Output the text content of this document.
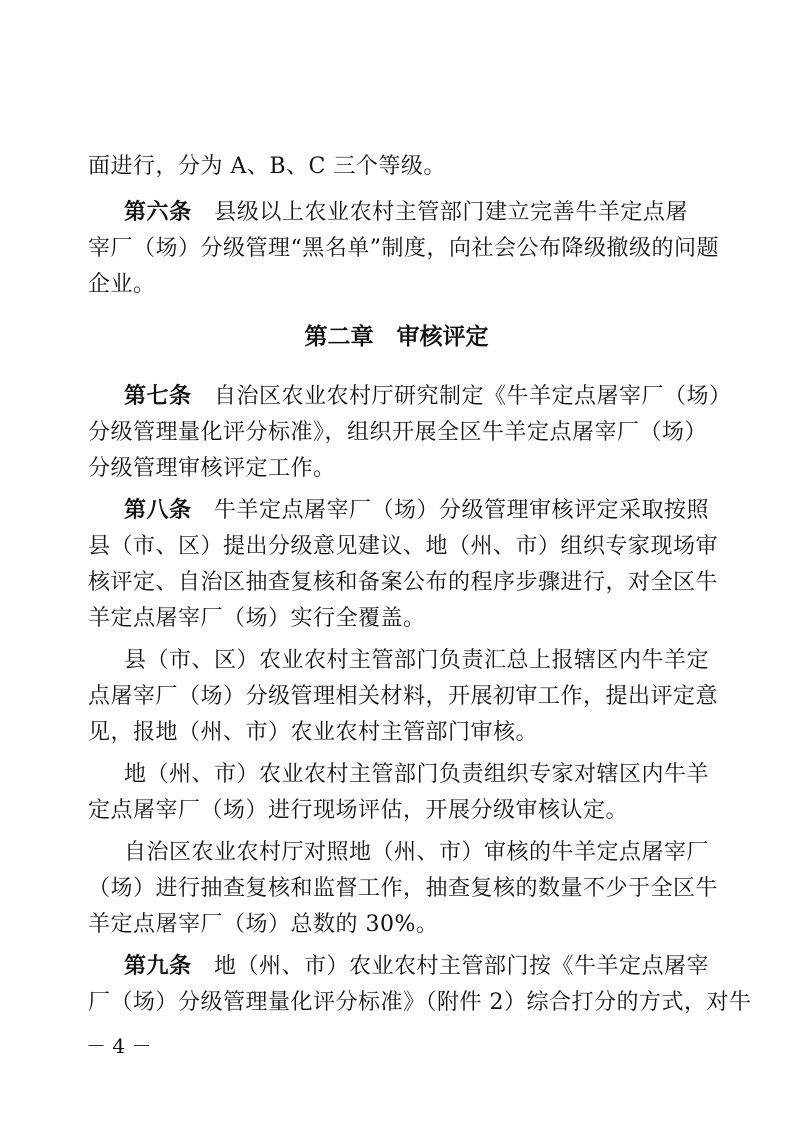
面进行，分为 A、B、C 三个等级。
第六条　 县级以上农业农村主管部门建立完善牛羊定点屠
宰厂（场）分级管理“黑名单”制度，向社会公布降级撤级的问题
企业。
第二章　审核评定
第七条　 自治区农业农村厅研究制定《牛羊定点屠宰厂（场）
分级管理量化评分标准》，组织开展全区牛羊定点屠宰厂（场）
分级管理审核评定工作。
第八条　 牛羊定点屠宰厂（场）分级管理审核评定采取按照
县（市、区）提出分级意见建议、地（州、市）组织专家现场审
核评定、自治区抽查复核和备案公布的程序步骤进行，对全区牛
羊定点屠宰厂（场）实行全覆盖。
县（市、区）农业农村主管部门负责汇总上报辖区内牛羊定
点屠宰厂（场）分级管理相关材料，开展初审工作，提出评定意
见，报地（州、市）农业农村主管部门审核。
地（州、市）农业农村主管部门负责组织专家对辖区内牛羊
定点屠宰厂（场）进行现场评估，开展分级审核认定。
自治区农业农村厅对照地（州、市）审核的牛羊定点屠宰厂
（场）进行抽查复核和监督工作，抽查复核的数量不少于全区牛
羊定点屠宰厂（场）总数的 30%。
第九条　 地（州、市）农业农村主管部门按《牛羊定点屠宰
厂（场）分级管理量化评分标准》（附件 2）综合打分的方式，对牛
－ 4 －
